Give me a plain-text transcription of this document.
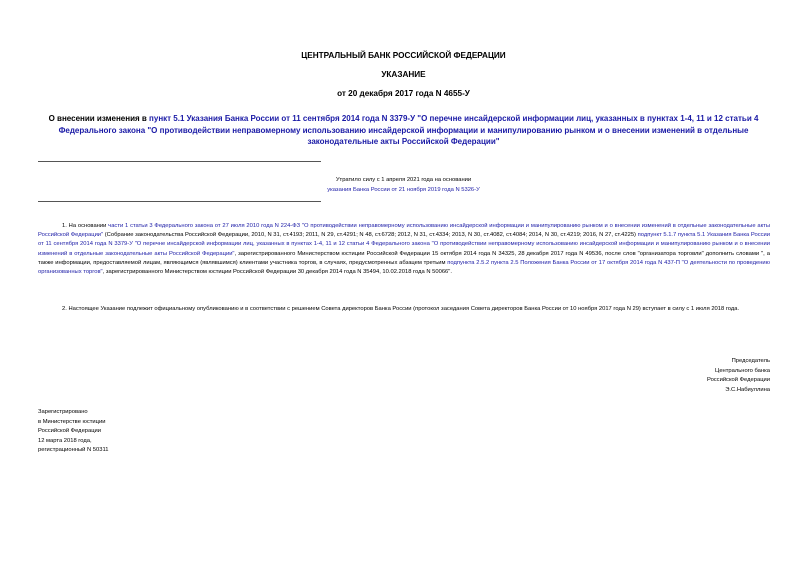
ЦЕНТРАЛЬНЫЙ БАНК РОССИЙСКОЙ ФЕДЕРАЦИИ
УКАЗАНИЕ
от 20 декабря 2017 года N 4655-У
О внесении изменения в пункт 5.1 Указания Банка России от 11 сентября 2014 года N 3379-У "О перечне инсайдерской информации лиц, указанных в пунктах 1-4, 11 и 12 статьи 4 Федерального закона "О противодействии неправомерному использованию инсайдерской информации и манипулированию рынком и о внесении изменений в отдельные законодательные акты Российской Федерации"
Утратило силу с 1 апреля 2021 года на основании
указания Банка России от 21 ноября 2019 года N 5326-У
1. На основании части 1 статьи 3 Федерального закона от 27 июля 2010 года N 224-ФЗ "О противодействии неправомерному использованию инсайдерской информации и манипулированию рынком и о внесении изменений в отдельные законодательные акты Российской Федерации" (Собрание законодательства Российской Федерации, 2010, N 31, ст.4193; 2011, N 29, ст.4291; N 48, ст.6728; 2012, N 31, ст.4334; 2013, N 30, ст.4082, ст.4084; 2014, N 30, ст.4219; 2016, N 27, ст.4225) подпункт 5.1.7 пункта 5.1 Указания Банка России от 11 сентября 2014 года N 3379-У "О перечне инсайдерской информации лиц, указанных в пунктах 1-4, 11 и 12 статьи 4 Федерального закона "О противодействии неправомерному использованию инсайдерской информации и манипулированию рынком и о внесении изменений в отдельные законодательные акты Российской Федерации", зарегистрированного Министерством юстиции Российской Федерации 15 октября 2014 года N 34325, 28 декабря 2017 года N 49536, после слов "организатора торговли" дополнить словами ", а также информации, предоставляемой лицам, являющимся (являвшимся) клиентами участника торгов, в случаях, предусмотренных абзацем третьим подпункта 2.5.2 пункта 2.5 Положения Банка России от 17 октября 2014 года N 437-П "О деятельности по проведению организованных торгов", зарегистрированного Министерством юстиции Российской Федерации 30 декабря 2014 года N 35494, 10.02.2018 года N 50066".
2. Настоящее Указание подлежит официальному опубликованию и в соответствии с решением Совета директоров Банка России (протокол заседания Совета директоров Банка России от 10 ноября 2017 года N 29) вступает в силу с 1 июля 2018 года.
Председатель
Центрального банка
Российской Федерации
Э.С.Набиуллина
Зарегистрировано
в Министерстве юстиции
Российской Федерации
12 марта 2018 года,
регистрационный N 50311
